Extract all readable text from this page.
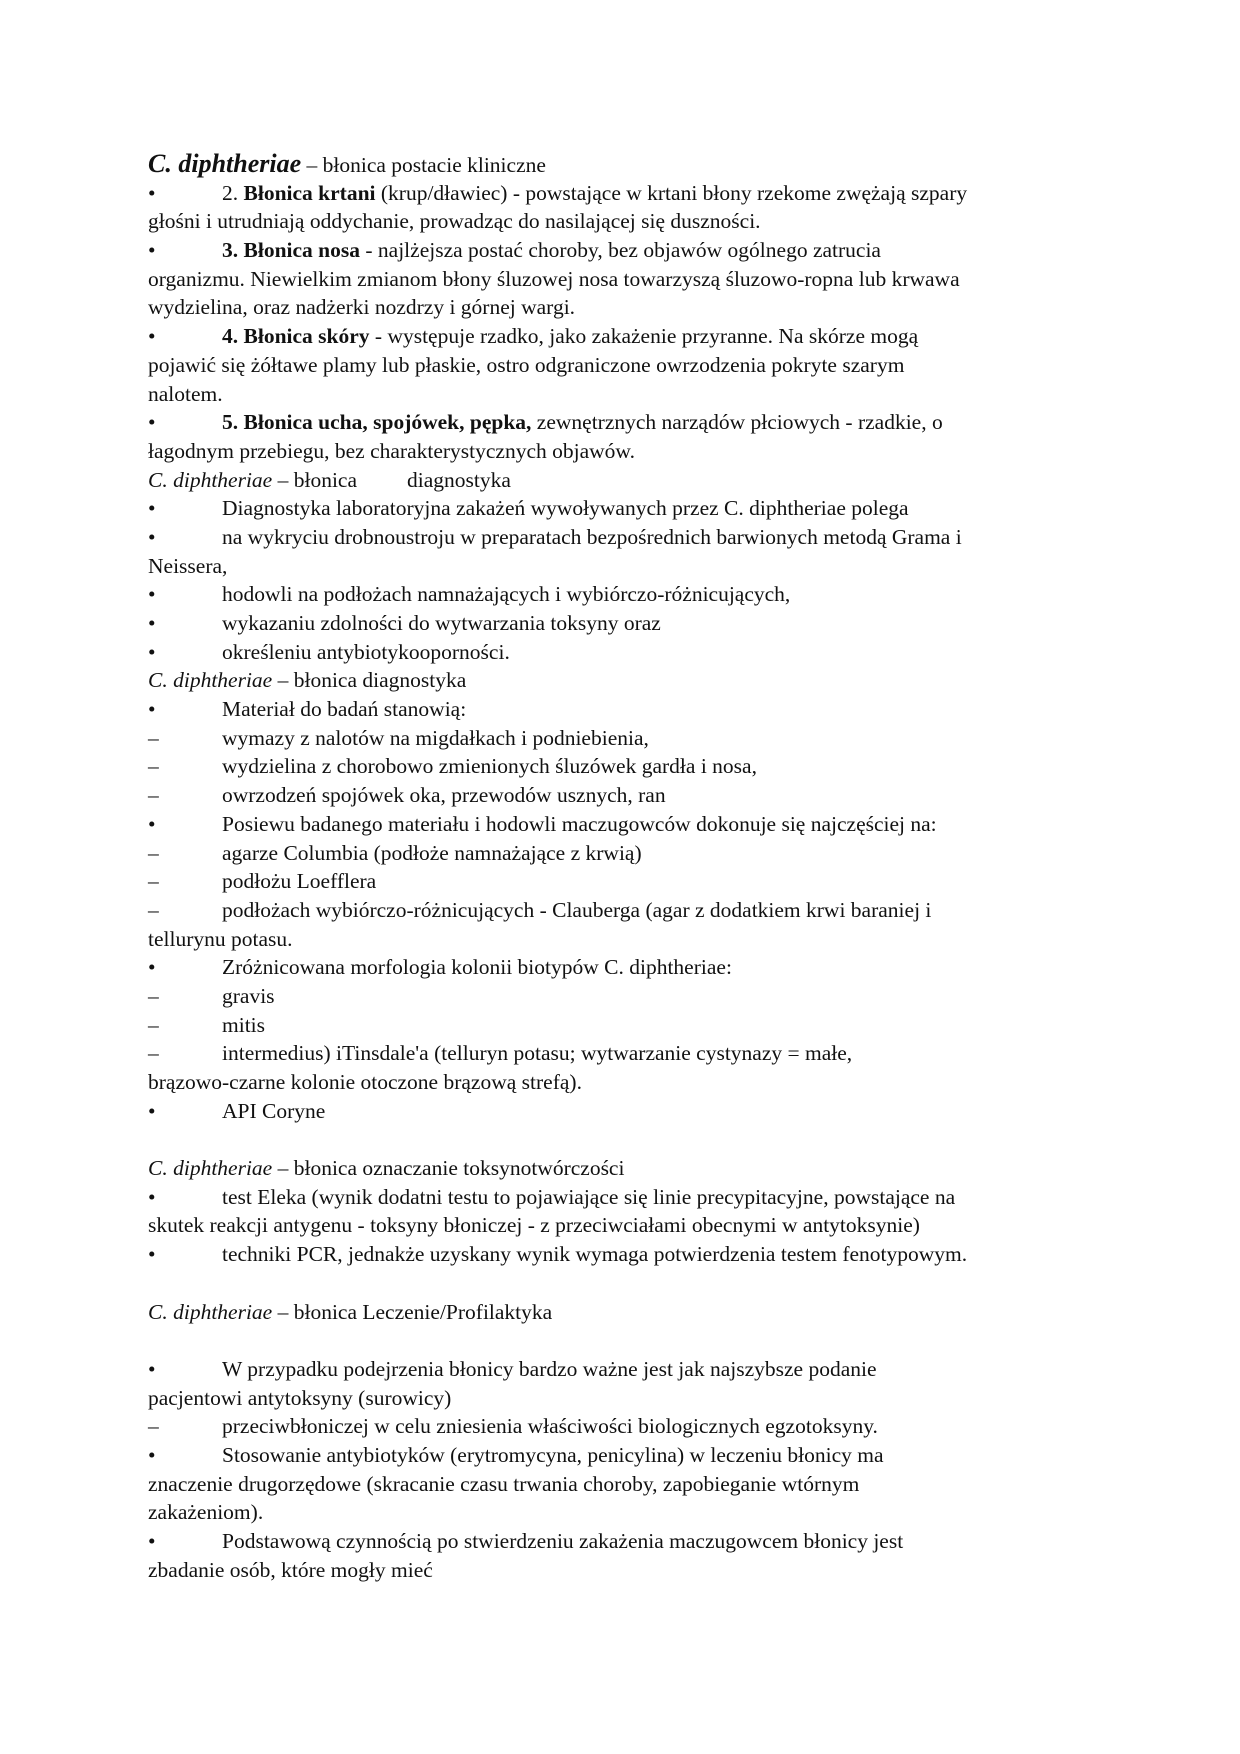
C. diphtheriae – błonica postacie kliniczne
•	2. Błonica krtani (krup/dławiec) - powstające w krtani błony rzekome zwężają szpary
głośni i utrudniają oddychanie, prowadząc do nasilającej się duszności.
•	3. Błonica nosa - najlżejsza postać choroby, bez objawów ogólnego zatrucia
organizmu. Niewielkim zmianom błony śluzowej nosa towarzyszą śluzowo-ropna lub krwawa
wydzielina, oraz nadżerki nozdrzy i górnej wargi.
•	4. Błonica skóry - występuje rzadko, jako zakażenie przyranne. Na skórze mogą
pojawić się żółtawe plamy lub płaskie, ostro odgraniczone owrzodzenia pokryte szarym
nalotem.
•	5. Błonica ucha, spojówek, pępka, zewnętrznych narządów płciowych - rzadkie, o
łagodnym przebiegu, bez charakterystycznych objawów.
C. diphtheriae – błonica diagnostyka
•	Diagnostyka laboratoryjna zakażeń wywoływanych przez C. diphtheriae polega
•	na wykryciu drobnoustroju w preparatach bezpośrednich barwionych metodą Grama i
Neissera,
•	hodowli na podłożach namnażających i wybiórczo-różnicujących,
•	wykazaniu zdolności do wytwarzania toksyny oraz
•	określeniu antybiotykooporności.
C. diphtheriae – błonica diagnostyka
•	Materiał do badań stanowią:
–	wymazy z nalotów na migdałkach i podniebienia,
–	wydzielina z chorobowo zmienionych śluzówek gardła i nosa,
–	owrzodzeń spojówek oka, przewodów usznych, ran
•	Posiewu badanego materiału i hodowli maczugowców dokonuje się najczęściej na:
–	agarze Columbia (podłoże namnażające z krwią)
–	podłożu Loefflera
–	podłożach wybiórczo-różnicujących - Clauberga (agar z dodatkiem krwi baraniej i
tellurynu potasu.
•	Zróżnicowana morfologia kolonii biotypów C. diphtheriae:
–	gravis
–	mitis
–	intermedius) iTinsdale'a (telluryn potasu; wytwarzanie cystynazy = małe,
brązowo-czarne kolonie otoczone brązową strefą).
•	API Coryne
C. diphtheriae – błonica oznaczanie toksynotwórczości
•	test Eleka (wynik dodatni testu to pojawiające się linie precypitacyjne, powstające na
skutek reakcji antygenu - toksyny błoniczej - z przeciwciałami obecnymi w antytoksynie)
•	techniki PCR, jednakże uzyskany wynik wymaga potwierdzenia testem fenotypowym.
C. diphtheriae – błonica Leczenie/Profilaktyka
•	W przypadku podejrzenia błonicy bardzo ważne jest jak najszybsze podanie
pacjentowi antytoksyny (surowicy)
–	przeciwbłoniczej w celu zniesienia właściwości biologicznych egzotoksyny.
•	Stosowanie antybiotyków (erytromycyna, penicylina) w leczeniu błonicy ma
znaczenie drugorzędowe (skracanie czasu trwania choroby, zapobieganie wtórnym
zakażeniom).
•	Podstawową czynnością po stwierdzeniu zakażenia maczugowcem błonicy jest
zbadanie osób, które mogły mieć
